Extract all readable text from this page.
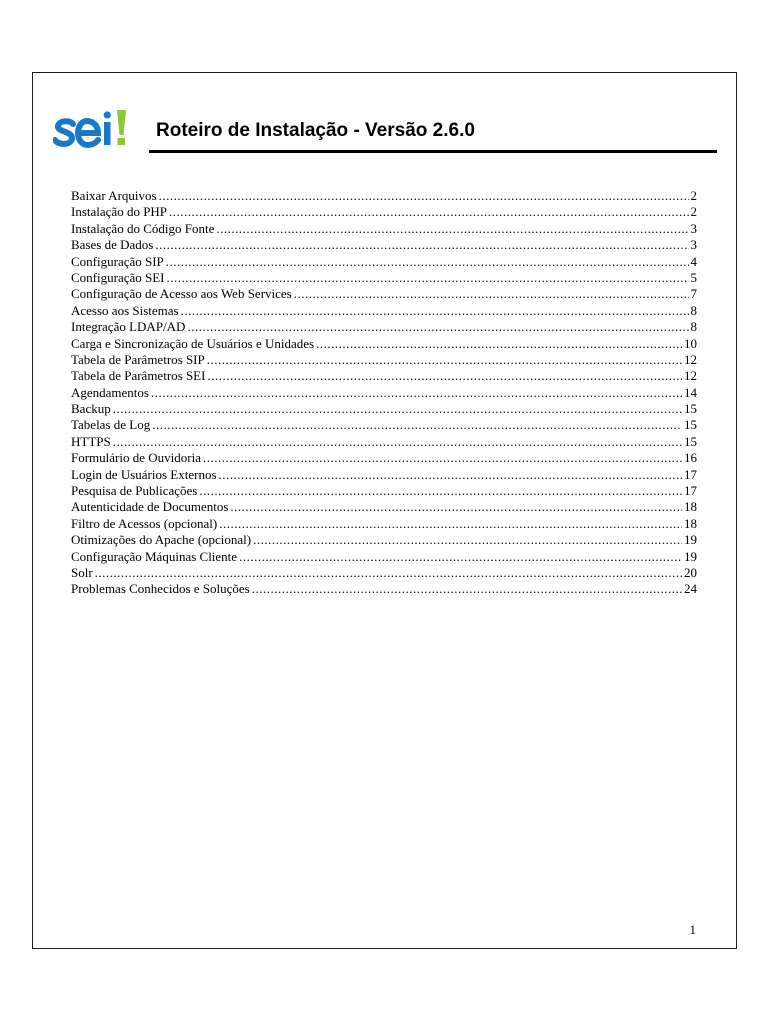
Roteiro de Instalação - Versão 2.6.0
Baixar Arquivos .....	2
Instalação do PHP .....	2
Instalação do Código Fonte .....	3
Bases de Dados .....	3
Configuração SIP .....	4
Configuração SEI .....	5
Configuração de Acesso aos Web Services .....	7
Acesso aos Sistemas .....	8
Integração LDAP/AD .....	8
Carga e Sincronização de Usuários e Unidades .....	10
Tabela de Parâmetros SIP .....	12
Tabela de Parâmetros SEI .....	12
Agendamentos .....	14
Backup .....	15
Tabelas de Log .....	15
HTTPS .....	15
Formulário de Ouvidoria .....	16
Login de Usuários Externos .....	17
Pesquisa de Publicações .....	17
Autenticidade de Documentos .....	18
Filtro de Acessos (opcional) .....	18
Otimizações do Apache (opcional) .....	19
Configuração Máquinas Cliente .....	19
Solr .....	20
Problemas Conhecidos e Soluções .....	24
1
